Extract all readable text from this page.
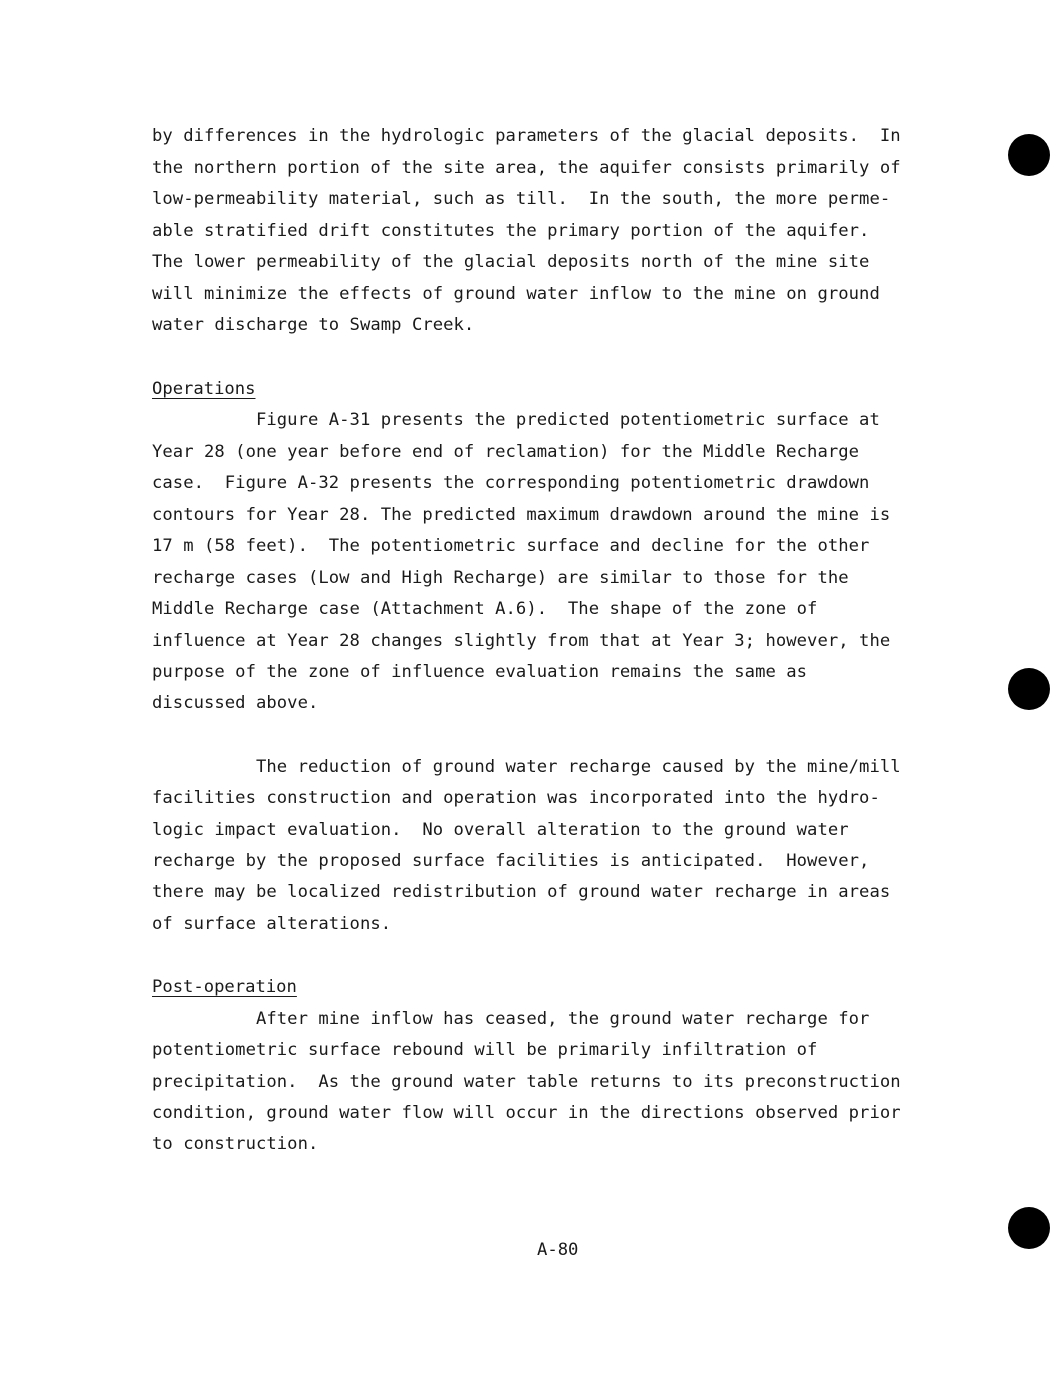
by differences in the hydrologic parameters of the glacial deposits.  In
the northern portion of the site area, the aquifer consists primarily of
low-permeability material, such as till.  In the south, the more perme-
able stratified drift constitutes the primary portion of the aquifer.
The lower permeability of the glacial deposits north of the mine site
will minimize the effects of ground water inflow to the mine on ground
water discharge to Swamp Creek.
Operations
Figure A-31 presents the predicted potentiometric surface at
Year 28 (one year before end of reclamation) for the Middle Recharge
case.  Figure A-32 presents the corresponding potentiometric drawdown
contours for Year 28. The predicted maximum drawdown around the mine is
17 m (58 feet).  The potentiometric surface and decline for the other
recharge cases (Low and High Recharge) are similar to those for the
Middle Recharge case (Attachment A.6).  The shape of the zone of
influence at Year 28 changes slightly from that at Year 3; however, the
purpose of the zone of influence evaluation remains the same as
discussed above.
The reduction of ground water recharge caused by the mine/mill
facilities construction and operation was incorporated into the hydro-
logic impact evaluation.  No overall alteration to the ground water
recharge by the proposed surface facilities is anticipated.  However,
there may be localized redistribution of ground water recharge in areas
of surface alterations.
Post-operation
After mine inflow has ceased, the ground water recharge for
potentiometric surface rebound will be primarily infiltration of
precipitation.  As the ground water table returns to its preconstruction
condition, ground water flow will occur in the directions observed prior
to construction.
A-80
